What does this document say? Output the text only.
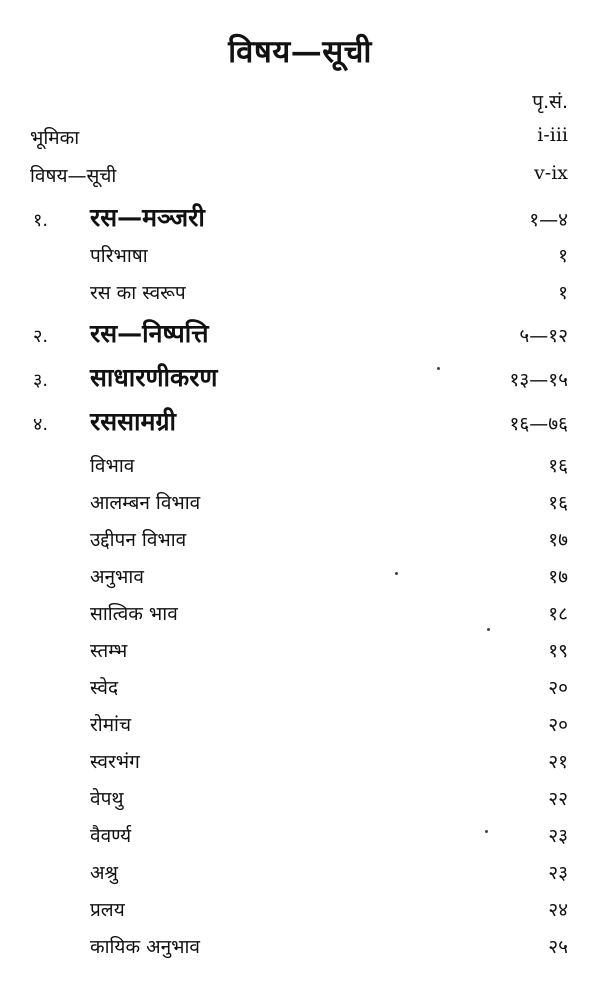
विषय—सूची
पृ.सं.
भूमिका	i-iii
विषय—सूची	v-ix
१. रस—मञ्जरी	१—४
परिभाषा	१
रस का स्वरूप	१
२. रस—निष्पत्ति	५—१२
३. साधारणीकरण	१३—१५
४. रससामग्री	१६—७६
विभाव	१६
आलम्बन विभाव	१६
उद्दीपन विभाव	१७
अनुभाव	१७
सात्विक भाव	१८
स्तम्भ	१९
स्वेद	२०
रोमांच	२०
स्वरभंग	२१
वेपथु	२२
वैवर्ण्य	२३
अश्रु	२३
प्रलय	२४
कायिक अनुभाव	२५
